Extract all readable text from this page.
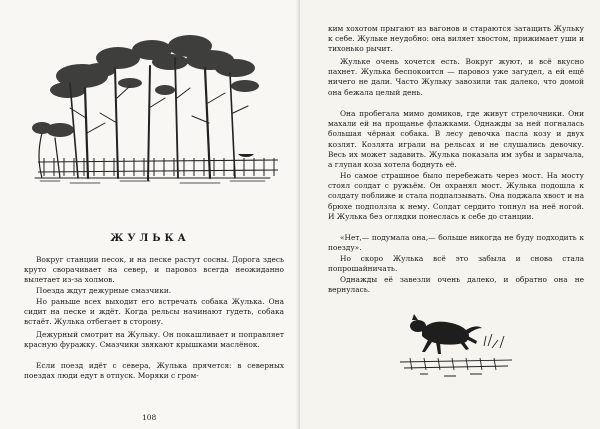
ЖУЛЬКА

Вокруг станции песок, и на песке растут сосны. Дорога здесь круто сворачивает на север, и паровоз всегда неожиданно вылетает из-за холмов.

Поезда ждут дежурные смазчики.

Но раньше всех выходит его встречать собака Жулька. Она сидит на песке и ждёт. Когда рельсы начинают гудеть, собака встаёт. Жулька отбегает в сторону.

Дежурный смотрит на Жульку. Он покашливает и поправляет красную фуражку. Смазчики звякают крышками маслёнок.

Если поезд идёт с севера, Жулька прячется: в северных поездах люди едут в отпуск. Моряки с гром-

108

ким хохотом прыгают из вагонов и стараются затащить Жульку к себе. Жульке неудобно: она виляет хвостом, прижимает уши и тихонько рычит.

Жульке очень хочется есть. Вокруг жуют, и всё вкусно пахнет. Жулька беспокоится — паровоз уже загудел, а ей ещё ничего не дали. Часто Жульку завозили так далеко, что домой она бежала целый день.

Она пробегала мимо домиков, где живут стрелочники. Они махали ей на прощанье флажками. Однажды за ней погналась большая чёрная собака. В лесу девочка пасла козу и двух козлят. Козлята играли на рельсах и не слушались девочку. Весь их может задавить. Жулька показала им зубы и зарычала, а глупая коза хотела боднуть её.

Но самое страшное было перебежать через мост. На мосту стоял солдат с ружьём. Он охранял мост. Жулька подошла к солдату поближе и стала подпалзывать. Она поджала хвост и на брюхе подползла к нему. Солдат сердито топнул на неё ногой. И Жулька без оглядки понеслась к себе до станции.

«Нет,— подумала она,— больше никогда не буду подходить к поезду».

Но скоро Жулька всё это забыла и снова стала попрошайничать.

Однажды её завезли очень далеко, и обратно она не вернулась.
